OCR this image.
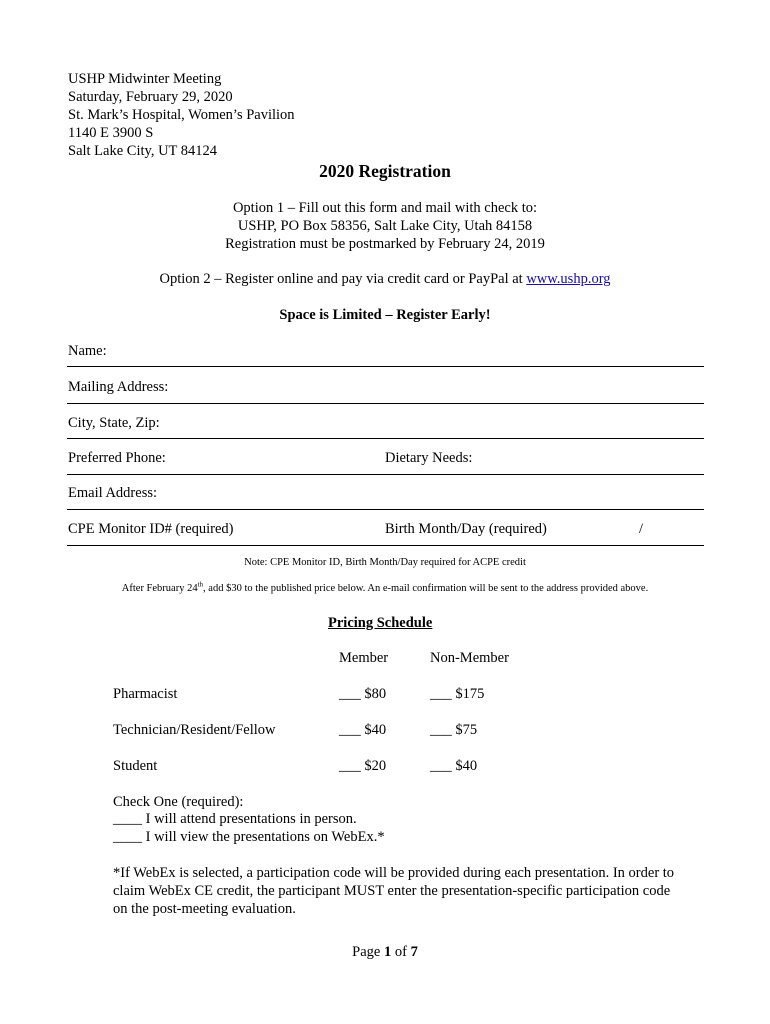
USHP Midwinter Meeting
Saturday, February 29, 2020
St. Mark’s Hospital, Women’s Pavilion
1140 E 3900 S
Salt Lake City, UT 84124
2020 Registration
Option 1 – Fill out this form and mail with check to:
USHP, PO Box 58356, Salt Lake City, Utah 84158
Registration must be postmarked by February 24, 2019
Option 2 – Register online and pay via credit card or PayPal at www.ushp.org
Space is Limited – Register Early!
Name:
Mailing Address:
City, State, Zip:
Preferred Phone:	Dietary Needs:
Email Address:
CPE Monitor ID# (required)	Birth Month/Day (required)	/
Note: CPE Monitor ID, Birth Month/Day required for ACPE credit
After February 24th, add $30 to the published price below. An e-mail confirmation will be sent to the address provided above.
Pricing Schedule
Member	Non-Member
Pharmacist	___ $80	___ $175
Technician/Resident/Fellow	___ $40	___ $75
Student	___ $20	___ $40
Check One (required):
____ I will attend presentations in person.
____ I will view the presentations on WebEx.*
*If WebEx is selected, a participation code will be provided during each presentation. In order to
claim WebEx CE credit, the participant MUST enter the presentation-specific participation code
on the post-meeting evaluation.
Page 1 of 7
